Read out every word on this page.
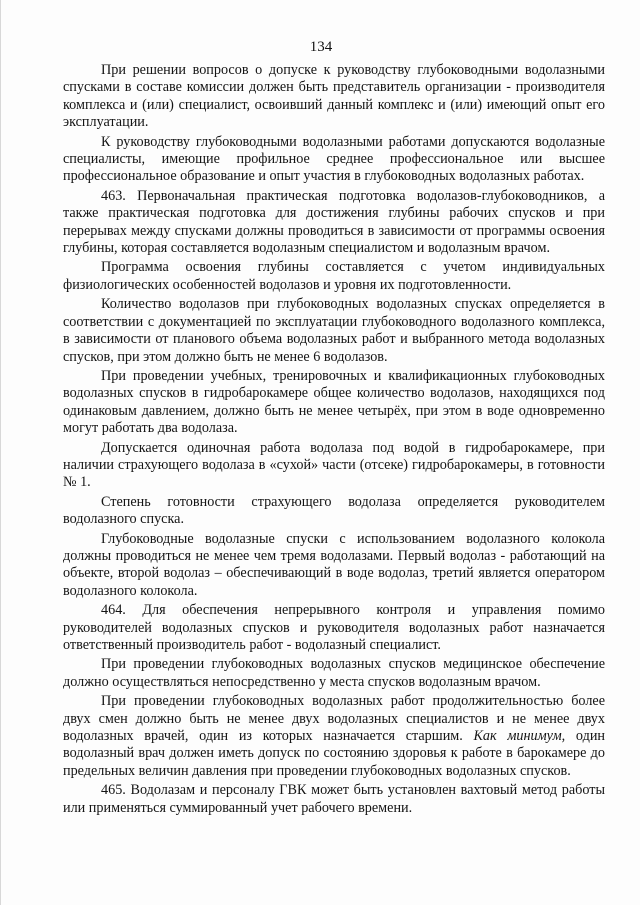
134

При решении вопросов о допуске к руководству глубоководными водолазными спусками в составе комиссии должен быть представитель организации - производителя комплекса и (или) специалист, освоивший данный комплекс и (или) имеющий опыт его эксплуатации.

К руководству глубоководными водолазными работами допускаются водолазные специалисты, имеющие профильное среднее профессиональное или высшее профессиональное образование и опыт участия в глубоководных водолазных работах.

463. Первоначальная практическая подготовка водолазов-глубоководников, а также практическая подготовка для достижения глубины рабочих спусков и при перерывах между спусками должны проводиться в зависимости от программы освоения глубины, которая составляется водолазным специалистом и водолазным врачом.

Программа освоения глубины составляется с учетом индивидуальных физиологических особенностей водолазов и уровня их подготовленности.

Количество водолазов при глубоководных водолазных спусках определяется в соответствии с документацией по эксплуатации глубоководного водолазного комплекса, в зависимости от планового объема водолазных работ и выбранного метода водолазных спусков, при этом должно быть не менее 6 водолазов.

При проведении учебных, тренировочных и квалификационных глубоководных водолазных спусков в гидробарокамере общее количество водолазов, находящихся под одинаковым давлением, должно быть не менее четырёх, при этом в воде одновременно могут работать два водолаза.

Допускается одиночная работа водолаза под водой в гидробарокамере, при наличии страхующего водолаза в «сухой» части (отсеке) гидробарокамеры, в готовности № 1.

Степень готовности страхующего водолаза определяется руководителем водолазного спуска.

Глубоководные водолазные спуски с использованием водолазного колокола должны проводиться не менее чем тремя водолазами. Первый водолаз - работающий на объекте, второй водолаз – обеспечивающий в воде водолаз, третий является оператором водолазного колокола.

464. Для обеспечения непрерывного контроля и управления помимо руководителей водолазных спусков и руководителя водолазных работ назначается ответственный производитель работ - водолазный специалист.

При проведении глубоководных водолазных спусков медицинское обеспечение должно осуществляться непосредственно у места спусков водолазным врачом.

При проведении глубоководных водолазных работ продолжительностью более двух смен должно быть не менее двух водолазных специалистов и не менее двух водолазных врачей, один из которых назначается старшим. Как минимум, один водолазный врач должен иметь допуск по состоянию здоровья к работе в барокамере до предельных величин давления при проведении глубоководных водолазных спусков.

465. Водолазам и персоналу ГВК может быть установлен вахтовый метод работы или применяться суммированный учет рабочего времени.
